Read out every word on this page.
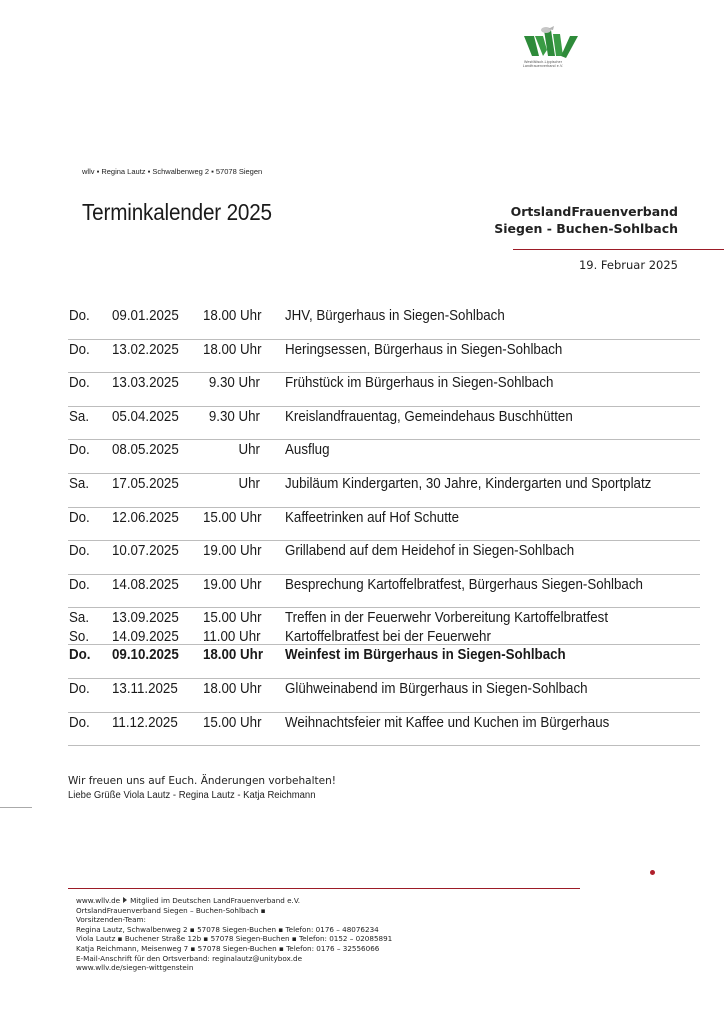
Westfälisch-Lippischer Landfrauenverband e.V.
wllv ▪ Regina Lautz ▪ Schwalbenweg 2 ▪ 57078 Siegen
Terminkalender 2025	OrtslandFrauenverband
Siegen - Buchen-Sohlbach
19. Februar 2025
Do. 09.01.2025 18.00 Uhr JHV, Bürgerhaus in Siegen-Sohlbach
Do. 13.02.2025 18.00 Uhr Heringsessen, Bürgerhaus in Siegen-Sohlbach
Do. 13.03.2025	9.30 Uhr Frühstück im Bürgerhaus in Siegen-Sohlbach
Sa. 05.04.2025	9.30 Uhr Kreislandfrauentag, Gemeindehaus Buschhütten
Do. 08.05.2025	Uhr Ausflug
Sa. 17.05.2025	Uhr Jubiläum Kindergarten, 30 Jahre, Kindergarten und Sportplatz
Do. 12.06.2025 15.00 Uhr Kaffeetrinken auf Hof Schutte
Do. 10.07.2025 19.00 Uhr Grillabend auf dem Heidehof in Siegen-Sohlbach
Do. 14.08.2025 19.00 Uhr Besprechung Kartoffelbratfest, Bürgerhaus Siegen-Sohlbach
Sa. 13.09.2025 15.00 Uhr Treffen in der Feuerwehr Vorbereitung Kartoffelbratfest
So. 14.09.2025 11.00 Uhr Kartoffelbratfest bei der Feuerwehr
Do. 09.10.2025 18.00 Uhr Weinfest im Bürgerhaus in Siegen-Sohlbach
Do. 13.11.2025 18.00 Uhr Glühweinabend im Bürgerhaus in Siegen-Sohlbach
Do. 11.12.2025 15.00 Uhr Weihnachtsfeier mit Kaffee und Kuchen im Bürgerhaus
Wir freuen uns auf Euch. Änderungen vorbehalten!
Liebe Grüße Viola Lautz - Regina Lautz - Katja Reichmann
www.wllv.de Mitglied im Deutschen LandFrauenverband e.V.
OrtslandFrauenverband Siegen – Buchen-Sohlbach ▪
Vorsitzenden-Team:
Regina Lautz, Schwalbenweg 2 ▪ 57078 Siegen-Buchen ▪ Telefon: 0176 – 48076234
Viola Lautz ▪ Buchener Straße 12b ▪ 57078 Siegen-Buchen ▪ Telefon: 0152 – 02085891
Katja Reichmann, Meisenweg 7 ▪ 57078 Siegen-Buchen ▪ Telefon: 0176 – 32556066
E-Mail-Anschrift für den Ortsverband: reginalautz@unitybox.de
www.wllv.de/siegen-wittgenstein
